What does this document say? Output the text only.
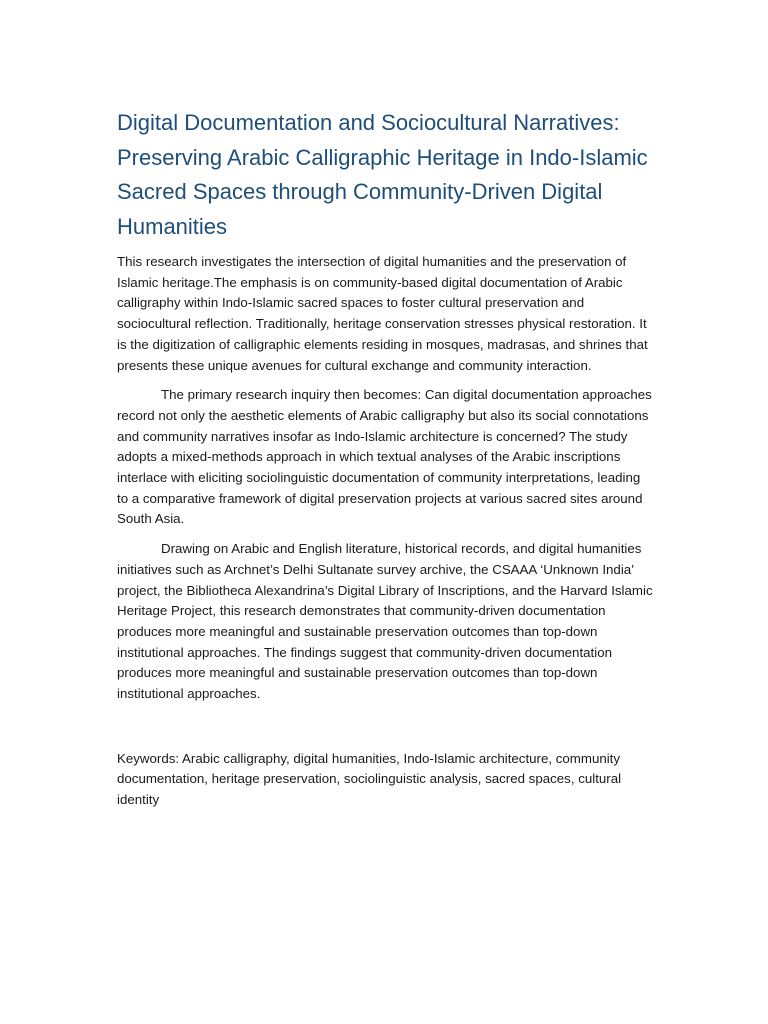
Digital Documentation and Sociocultural Narratives: Preserving Arabic Calligraphic Heritage in Indo-Islamic Sacred Spaces through Community-Driven Digital Humanities

This research investigates the intersection of digital humanities and the preservation of Islamic heritage.The emphasis is on community-based digital documentation of Arabic calligraphy within Indo-Islamic sacred spaces to foster cultural preservation and sociocultural reflection. Traditionally, heritage conservation stresses physical restoration. It is the digitization of calligraphic elements residing in mosques, madrasas, and shrines that presents these unique avenues for cultural exchange and community interaction.

The primary research inquiry then becomes: Can digital documentation approaches record not only the aesthetic elements of Arabic calligraphy but also its social connotations and community narratives insofar as Indo-Islamic architecture is concerned? The study adopts a mixed-methods approach in which textual analyses of the Arabic inscriptions interlace with eliciting sociolinguistic documentation of community interpretations, leading to a comparative framework of digital preservation projects at various sacred sites around South Asia.

Drawing on Arabic and English literature, historical records, and digital humanities initiatives such as Archnet’s Delhi Sultanate survey archive, the CSAAA ‘Unknown India’ project, the Bibliotheca Alexandrina’s Digital Library of Inscriptions, and the Harvard Islamic Heritage Project, this research demonstrates that community-driven documentation produces more meaningful and sustainable preservation outcomes than top-down institutional approaches. The findings suggest that community-driven documentation produces more meaningful and sustainable preservation outcomes than top-down institutional approaches.

Keywords: Arabic calligraphy, digital humanities, Indo-Islamic architecture, community documentation, heritage preservation, sociolinguistic analysis, sacred spaces, cultural identity
